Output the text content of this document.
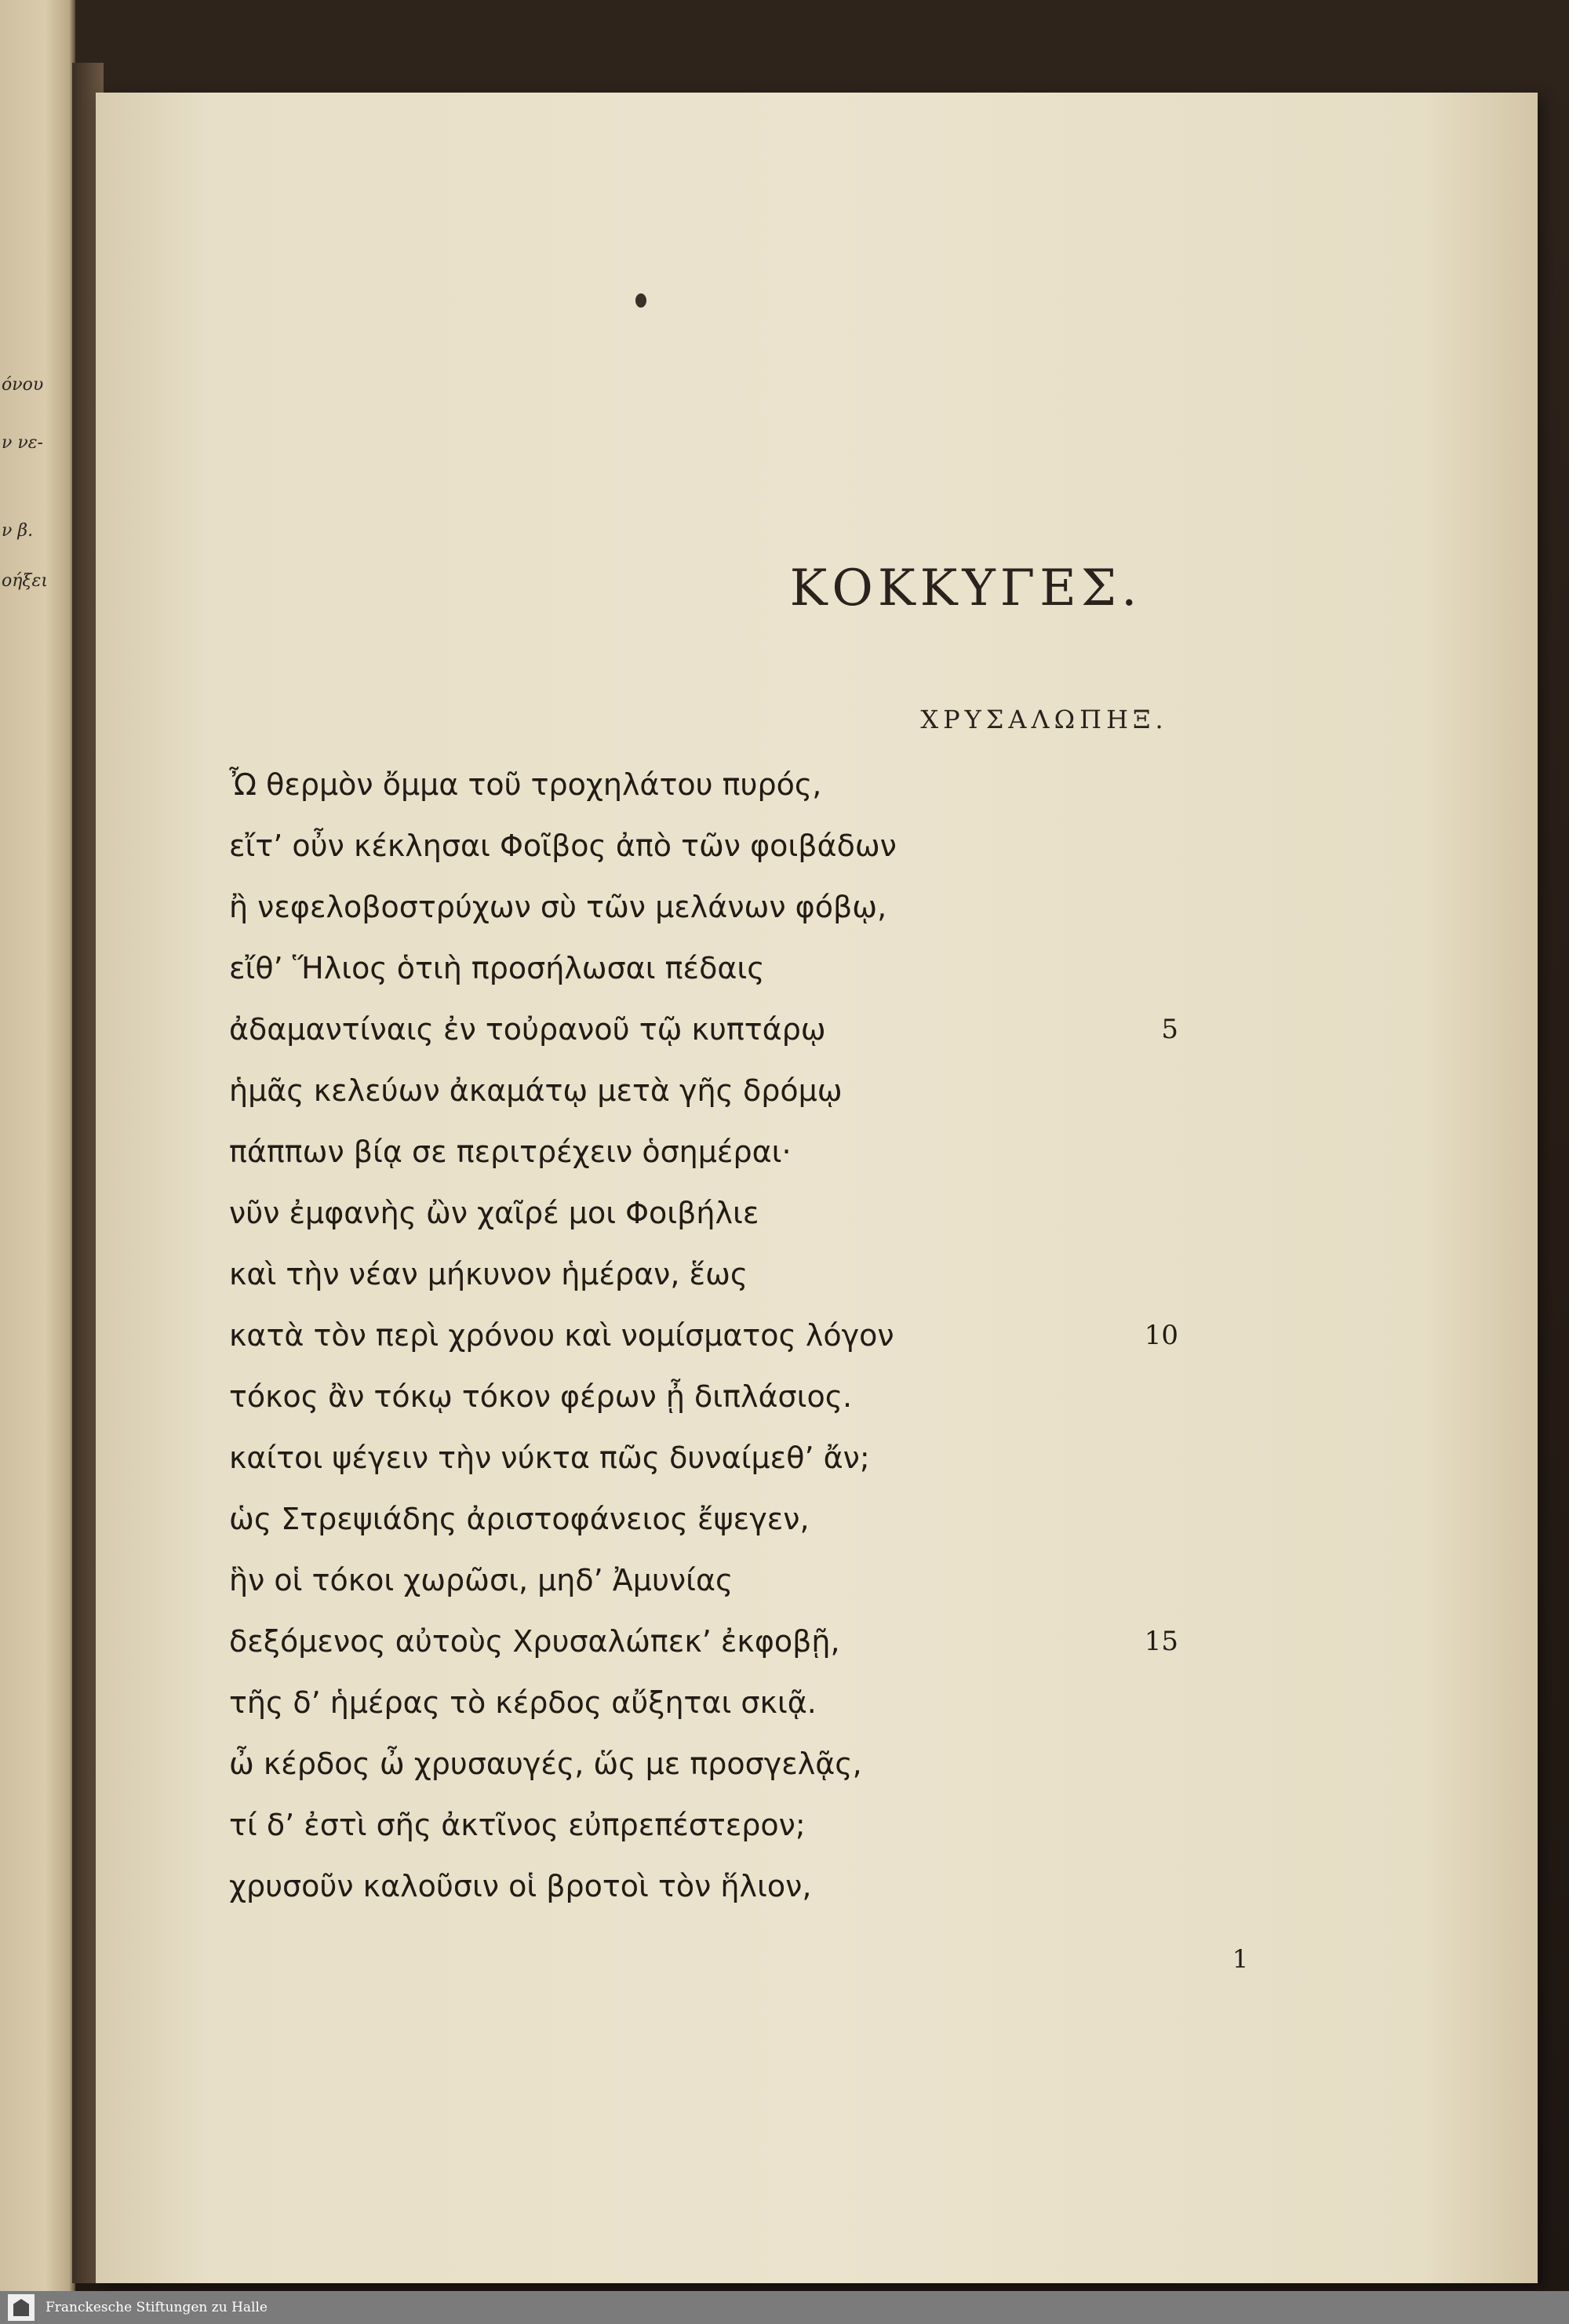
όνου
ν νε-
ν β.
οήξει	ΚΟΚΚΥΓΕΣ.
ΧΡΥΣΑΛΩΠΗΞ.
Ὦ θερμὸν ὄμμα τοῦ τροχηλάτου πυρός,
εἴτ’ οὖν κέκλησαι Φοῖβος ἀπὸ τῶν φοιβάδων
ἢ νεφελοβοστρύχων σὺ τῶν μελάνων φόβῳ,
εἴθ’ Ἥλιος ὁτιὴ προσήλωσαι πέδαις
ἀδαμαντίναις ἐν τοὐρανοῦ τῷ κυπτάρῳ	5
ἡμᾶς κελεύων ἀκαμάτῳ μετὰ γῆς δρόμῳ
πάππων βίᾳ σε περιτρέχειν ὁσημέραι·
νῦν ἐμφανὴς ὢν χαῖρέ μοι Φοιβήλιε
καὶ τὴν νέαν μήκυνον ἡμέραν, ἕως
κατὰ τὸν περὶ χρόνου καὶ νομίσματος λόγον	10
τόκος ἂν τόκῳ τόκον φέρων ᾖ διπλάσιος.
καίτοι ψέγειν τὴν νύκτα πῶς δυναίμεθ’ ἄν;
ὡς Στρεψιάδης ἀριστοφάνειος ἔψεγεν,
ἣν οἱ τόκοι χωρῶσι, μηδ’ Ἀμυνίας
δεξόμενος αὐτοὺς Χρυσαλώπεκ’ ἐκφοβῇ,	15
τῆς δ’ ἡμέρας τὸ κέρδος αὔξηται σκιᾷ.
ὦ κέρδος ὦ χρυσαυγές, ὥς με προσγελᾷς,
τί δ’ ἐστὶ σῆς ἀκτῖνος εὐπρεπέστερον;
χρυσοῦν καλοῦσιν οἱ βροτοὶ τὸν ἥλιον,
1
Franckesche Stiftungen zu Halle
